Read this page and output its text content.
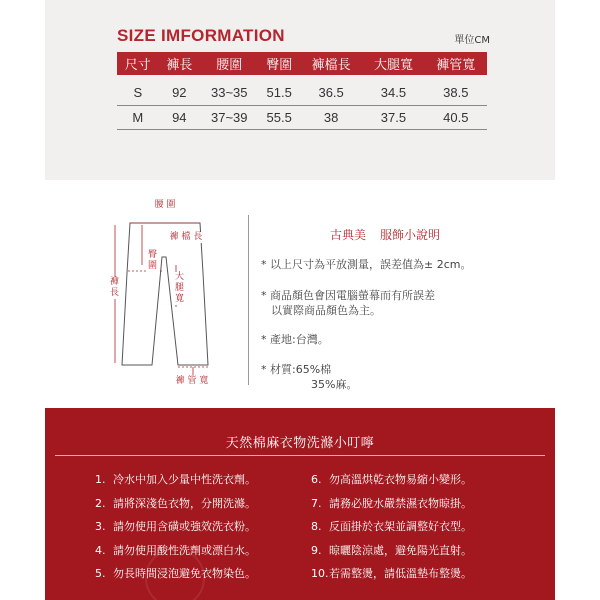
SIZE IMFORMATION	單位CM
尺寸	褲長	腰圍	臀圍	褲檔長	大腿寬	褲管寬
S	92	33~35	51.5	36.5	34.5	38.5
M	94	37~39	55.5	38	37.5	40.5
腰 圍
褲 檔 長
臀圍
大腿寬
褲長
褲 管 寬
古典美 服飾小說明
* 以上尺寸為平放測量，誤差值為± 2cm。
* 商品顏色會因電腦螢幕而有所誤差
以實際商品顏色為主。
* 產地:台灣。
* 材質:65%棉
35%麻。
天然棉麻衣物洗滌小叮嚀
1. 冷水中加入少量中性洗衣劑。
2. 請將深淺色衣物，分開洗滌。
3. 請勿使用含磺或強效洗衣粉。
4. 請勿使用酸性洗劑或漂白水。
5. 勿長時間浸泡避免衣物染色。
6. 勿高溫烘乾衣物易縮小變形。
7. 請務必脫水嚴禁濕衣物晾掛。
8. 反面掛於衣架並調整好衣型。
9. 晾曬陰涼處，避免陽光直射。
10.若需整燙，請低溫墊布整燙。
